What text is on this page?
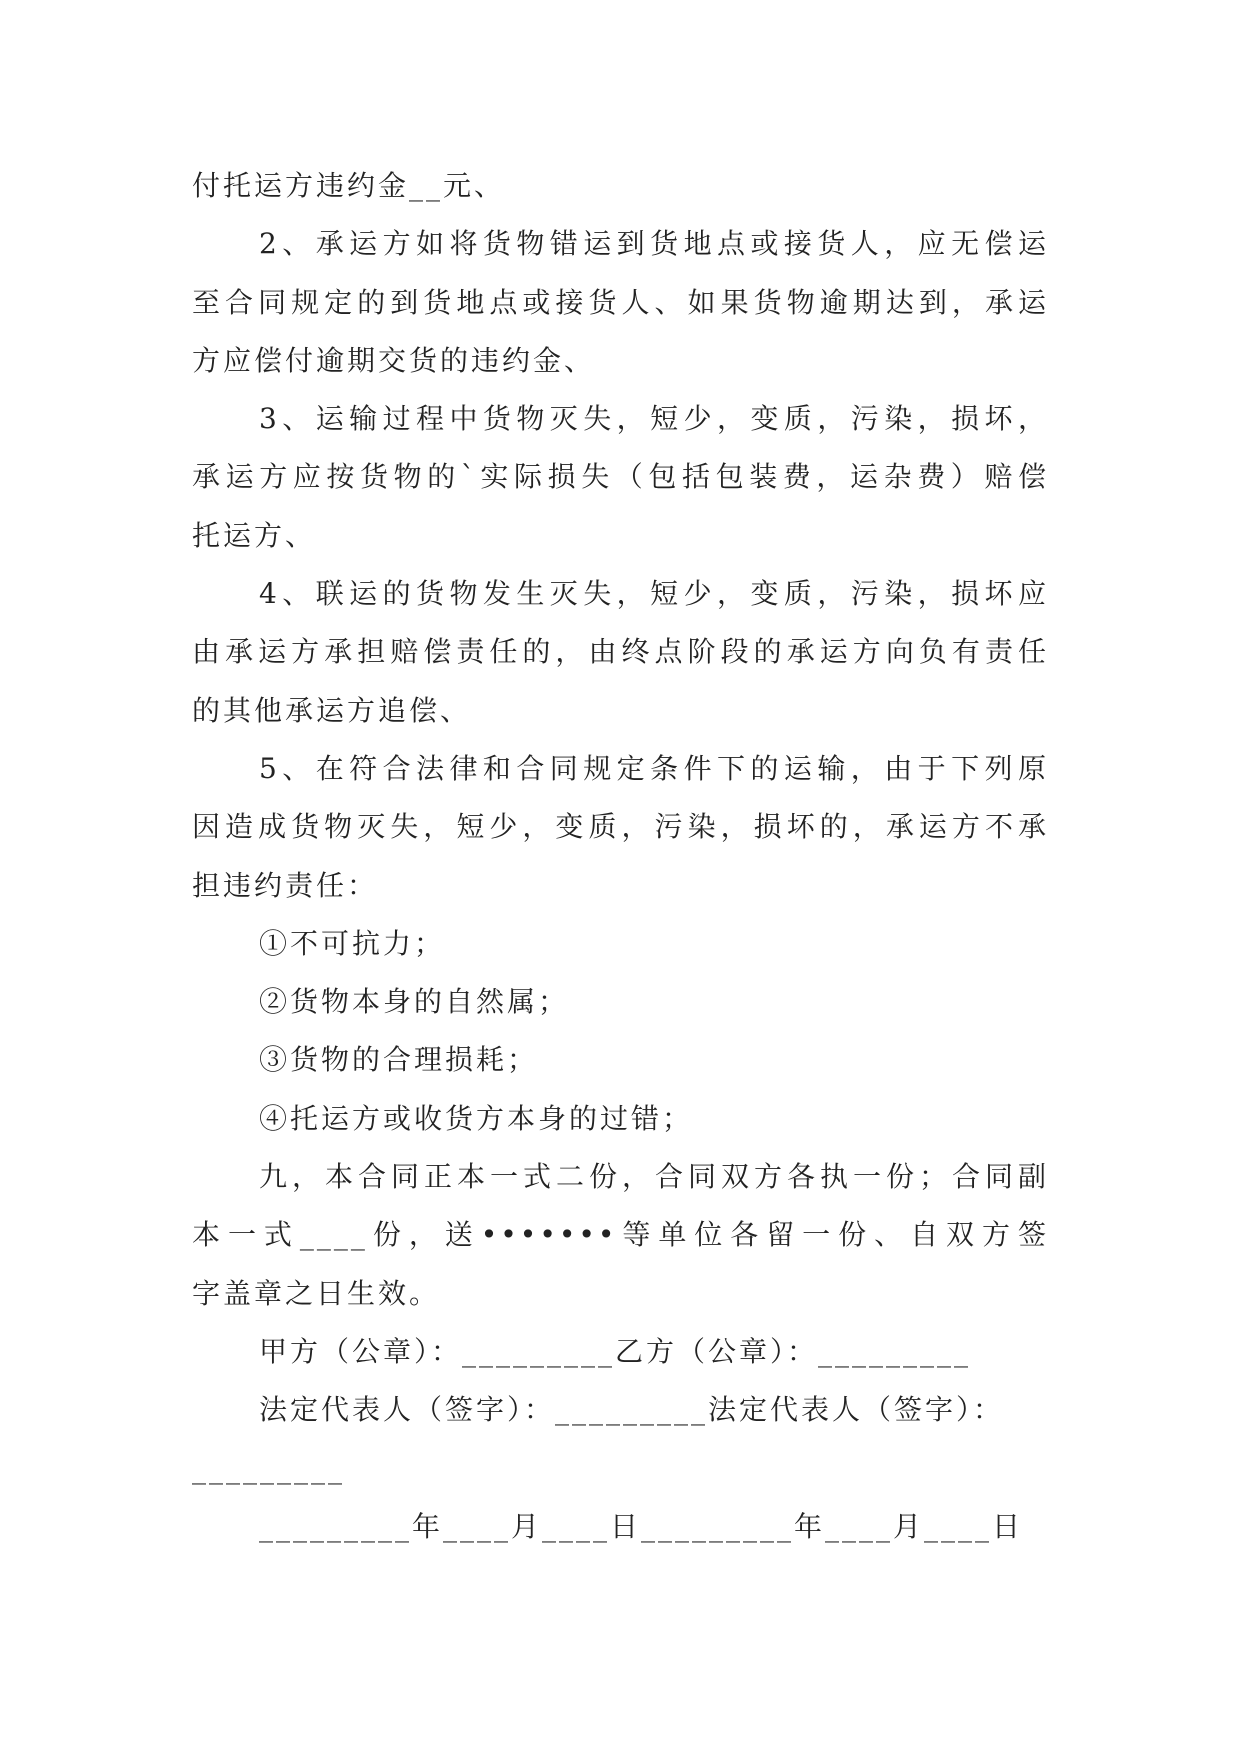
付托运方违约金__元、
2、承运方如将货物错运到货地点或接货人，应无偿运
至合同规定的到货地点或接货人、如果货物逾期达到，承运
方应偿付逾期交货的违约金、
3、运输过程中货物灭失，短少，变质，污染，损坏，
承运方应按货物的`实际损失（包括包装费，运杂费）赔偿
托运方、
4、联运的货物发生灭失，短少，变质，污染，损坏应
由承运方承担赔偿责任的，由终点阶段的承运方向负有责任
的其他承运方追偿、
5、在符合法律和合同规定条件下的运输，由于下列原
因造成货物灭失，短少，变质，污染，损坏的，承运方不承
担违约责任：
①不可抗力；
②货物本身的自然属；
③货物的合理损耗；
④托运方或收货方本身的过错；
九，本合同正本一式二份，合同双方各执一份；合同副
本一式____份，送•••••••等单位各留一份、自双方签
字盖章之日生效。
甲方（公章）：_________乙方（公章）：_________
法定代表人（签字）：_________法定代表人（签字）：
_________
_________年____月____日_________年____月____日
